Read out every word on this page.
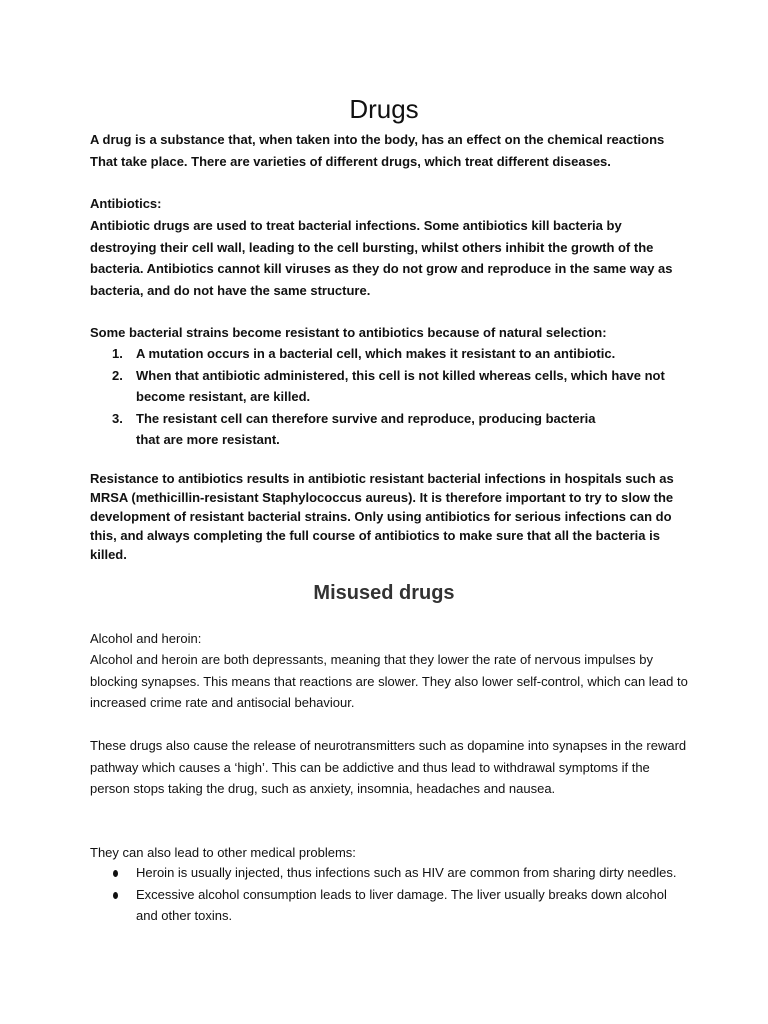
Drugs

A drug is a substance that, when taken into the body, has an effect on the chemical reactions That take place. There are varieties of different drugs, which treat different diseases.

Antibiotics:

Antibiotic drugs are used to treat bacterial infections. Some antibiotics kill bacteria by destroying their cell wall, leading to the cell bursting, whilst others inhibit the growth of the bacteria. Antibiotics cannot kill viruses as they do not grow and reproduce in the same way as bacteria, and do not have the same structure.

Some bacterial strains become resistant to antibiotics because of natural selection:

1. A mutation occurs in a bacterial cell, which makes it resistant to an antibiotic.
2. When that antibiotic administered, this cell is not killed whereas cells, which have not become resistant, are killed.
3. The resistant cell can therefore survive and reproduce, producing bacteria that are more resistant.

Resistance to antibiotics results in antibiotic resistant bacterial infections in hospitals such as MRSA (methicillin-resistant Staphylococcus aureus). It is therefore important to try to slow the development of resistant bacterial strains. Only using antibiotics for serious infections can do this, and always completing the full course of antibiotics to make sure that all the bacteria is killed.

Misused drugs

Alcohol and heroin:

Alcohol and heroin are both depressants, meaning that they lower the rate of nervous impulses by blocking synapses. This means that reactions are slower. They also lower self-control, which can lead to increased crime rate and antisocial behaviour.

These drugs also cause the release of neurotransmitters such as dopamine into synapses in the reward pathway which causes a ‘high’. This can be addictive and thus lead to withdrawal symptoms if the person stops taking the drug, such as anxiety, insomnia, headaches and nausea.

They can also lead to other medical problems:

Heroin is usually injected, thus infections such as HIV are common from sharing dirty needles.
Excessive alcohol consumption leads to liver damage. The liver usually breaks down alcohol and other toxins.
